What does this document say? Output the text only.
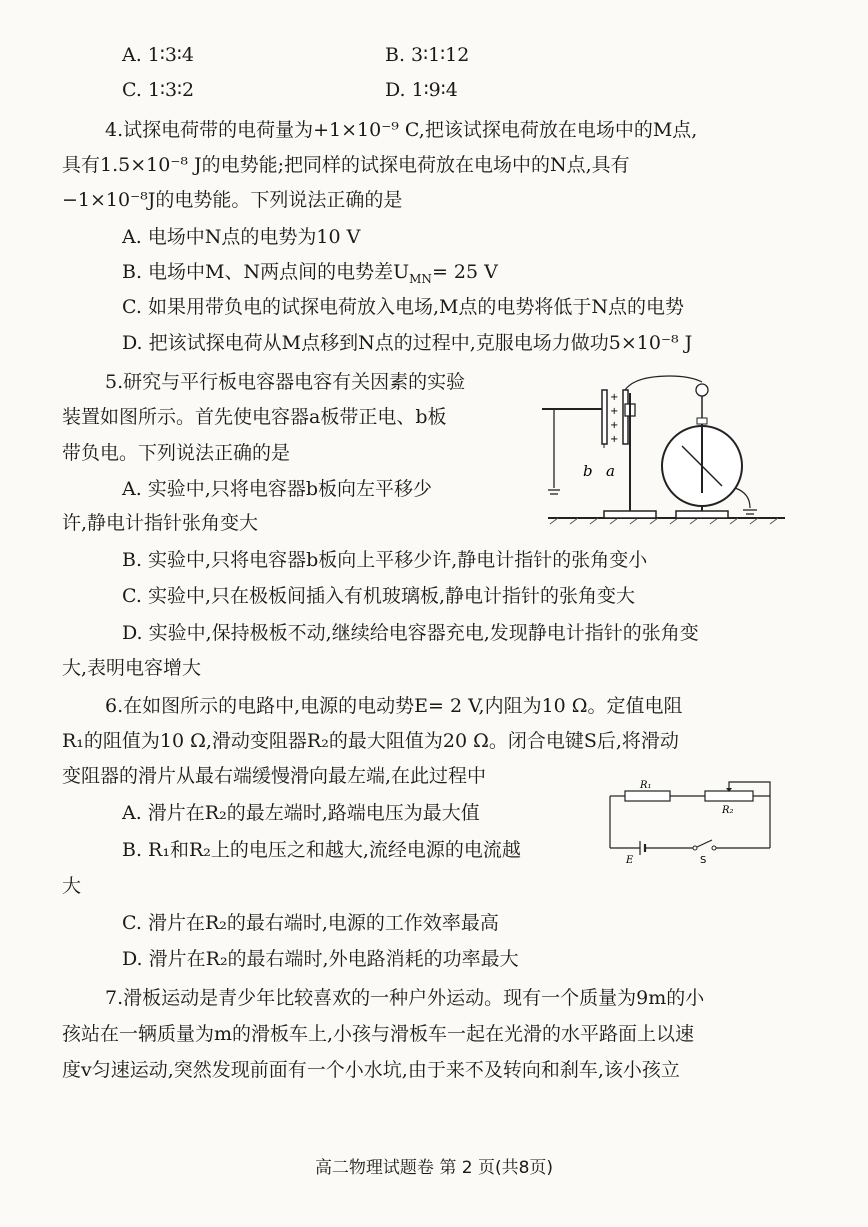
A. 1∶3∶4	B. 3∶1∶12
C. 1∶3∶2	D. 1∶9∶4
4.试探电荷带的电荷量为+1×10⁻⁹ C,把该试探电荷放在电场中的M点,
具有1.5×10⁻⁸ J的电势能;把同样的试探电荷放在电场中的N点,具有
−1×10⁻⁸J的电势能。下列说法正确的是
A. 电场中N点的电势为10 V
B. 电场中M、N两点间的电势差$U_{MN}= 25$ V
C. 如果用带负电的试探电荷放入电场,M点的电势将低于N点的电势
D. 把该试探电荷从M点移到N点的过程中,克服电场力做功5×10⁻⁸ J
5.研究与平行板电容器电容有关因素的实验
装置如图所示。首先使电容器a板带正电、b板
带负电。下列说法正确的是
A. 实验中,只将电容器b板向左平移少
许,静电计指针张角变大
B. 实验中,只将电容器b板向上平移少许,静电计指针的张角变小
C. 实验中,只在极板间插入有机玻璃板,静电计指针的张角变大
D. 实验中,保持极板不动,继续给电容器充电,发现静电计指针的张角变
大,表明电容增大
+
+
+
+
b a
6.在如图所示的电路中,电源的电动势E= 2 V,内阻为10 Ω。定值电阻
R₁的阻值为10 Ω,滑动变阻器R₂的最大阻值为20 Ω。闭合电键S后,将滑动
变阻器的滑片从最右端缓慢滑向最左端,在此过程中
A. 滑片在R₂的最左端时,路端电压为最大值
B. R₁和R₂上的电压之和越大,流经电源的电流越
大
C. 滑片在R₂的最右端时,电源的工作效率最高
D. 滑片在R₂的最右端时,外电路消耗的功率最大
R₁
R₂
E	S
7.滑板运动是青少年比较喜欢的一种户外运动。现有一个质量为9m的小
孩站在一辆质量为m的滑板车上,小孩与滑板车一起在光滑的水平路面上以速
度v匀速运动,突然发现前面有一个小水坑,由于来不及转向和刹车,该小孩立
高二物理试题卷 第 2 页(共8页)
